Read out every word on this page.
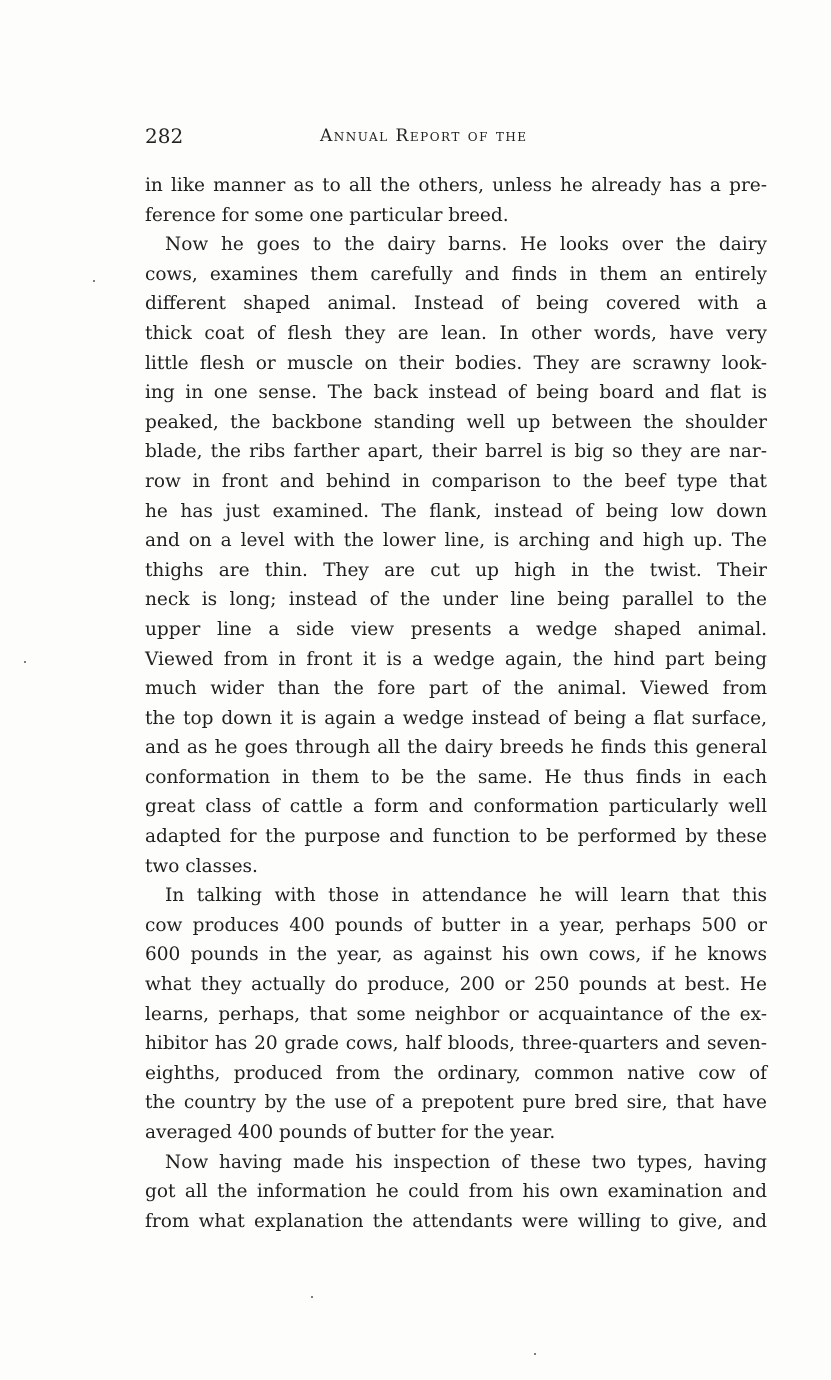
282	Annual Report of the
in like manner as to all the others, unless he already has a pre-
ference for some one particular breed.
Now he goes to the dairy barns. He looks over the dairy
cows, examines them carefully and finds in them an entirely
different shaped animal. Instead of being covered with a
thick coat of flesh they are lean. In other words, have very
little flesh or muscle on their bodies. They are scrawny look-
ing in one sense. The back instead of being board and flat is
peaked, the backbone standing well up between the shoulder
blade, the ribs farther apart, their barrel is big so they are nar-
row in front and behind in comparison to the beef type that
he has just examined. The flank, instead of being low down
and on a level with the lower line, is arching and high up. The
thighs are thin. They are cut up high in the twist. Their
neck is long; instead of the under line being parallel to the
upper line a side view presents a wedge shaped animal.
Viewed from in front it is a wedge again, the hind part being
much wider than the fore part of the animal. Viewed from
the top down it is again a wedge instead of being a flat surface,
and as he goes through all the dairy breeds he finds this general
conformation in them to be the same. He thus finds in each
great class of cattle a form and conformation particularly well
adapted for the purpose and function to be performed by these
two classes.
In talking with those in attendance he will learn that this
cow produces 400 pounds of butter in a year, perhaps 500 or
600 pounds in the year, as against his own cows, if he knows
what they actually do produce, 200 or 250 pounds at best. He
learns, perhaps, that some neighbor or acquaintance of the ex-
hibitor has 20 grade cows, half bloods, three-quarters and seven-
eighths, produced from the ordinary, common native cow of
the country by the use of a prepotent pure bred sire, that have
averaged 400 pounds of butter for the year.
Now having made his inspection of these two types, having
got all the information he could from his own examination and
from what explanation the attendants were willing to give, and
